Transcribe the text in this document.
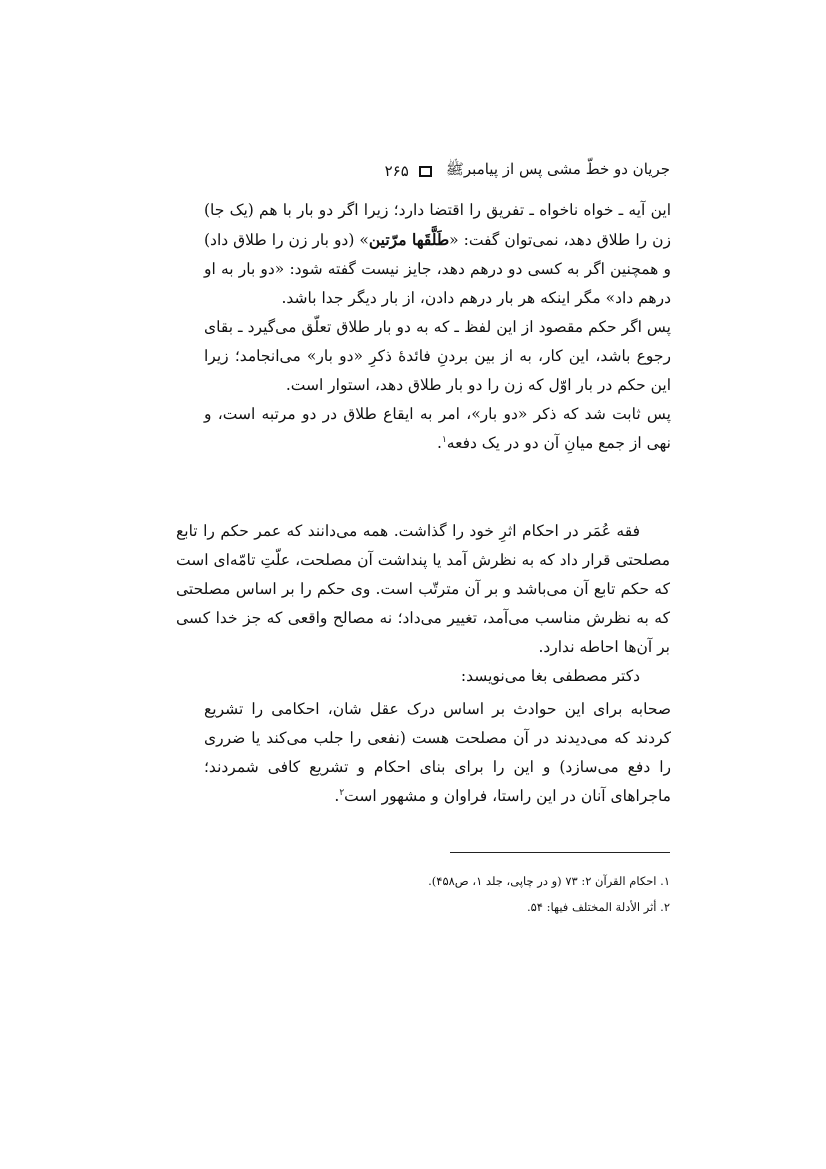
جریان دو خطّ مشی پس از پیامبرﷺ
۲۶۵

این آیه ـ خواه ناخواه ـ تفریق را اقتضا دارد؛ زیرا اگر دو بار با هم (یک جا) زن را طلاق دهد، نمی‌توان گفت: «طَلَّقَها مرّتین» (دو بار زن را طلاق داد) و همچنین اگر به کسی دو درهم دهد، جایز نیست گفته شود: «دو بار به او درهم داد» مگر اینکه هر بار درهم دادن، از بار دیگر جدا باشد.

پس اگر حکم مقصود از این لفظ ـ که به دو بار طلاق تعلّق می‌گیرد ـ بقای رجوع باشد، این کار، به از بین بردنِ فائدهٔ ذکرِ «دو بار» می‌انجامد؛ زیرا این حکم در بار اوّل که زن را دو بار طلاق دهد، استوار است.

پس ثابت شد که ذکر «دو بار»، امر به ایقاع طلاق در دو مرتبه است، و نهی از جمع میانِ آن دو در یک دفعه$^۱$.

فقه عُمَر در احکام اثرِ خود را گذاشت. همه می‌دانند که عمر حکم را تابع مصلحتی قرار داد که به نظرش آمد یا پنداشت آن مصلحت، علّتِ تامّه‌ای است که حکم تابع آن می‌باشد و بر آن مترتّب است. وی حکم را بر اساس مصلحتی که به نظرش مناسب می‌آمد، تغییر می‌داد؛ نه مصالح واقعی که جز خدا کسی بر آن‌ها احاطه ندارد.

دکتر مصطفی بغا می‌نویسد:

صحابه برای این حوادث بر اساس درک عقل شان، احکامی را تشریع کردند که می‌دیدند در آن مصلحت هست (نفعی را جلب می‌کند یا ضرری را دفع می‌سازد) و این را برای بنای احکام و تشریع کافی شمردند؛ ماجراهای آنان در این راستا، فراوان و مشهور است$^۲$.

۱. احکام القرآن ۲: ۷۳ (و در چاپی، جلد ۱، ص۴۵۸).

۲. أثر الأدلة المختلف فیها: ۵۴.
